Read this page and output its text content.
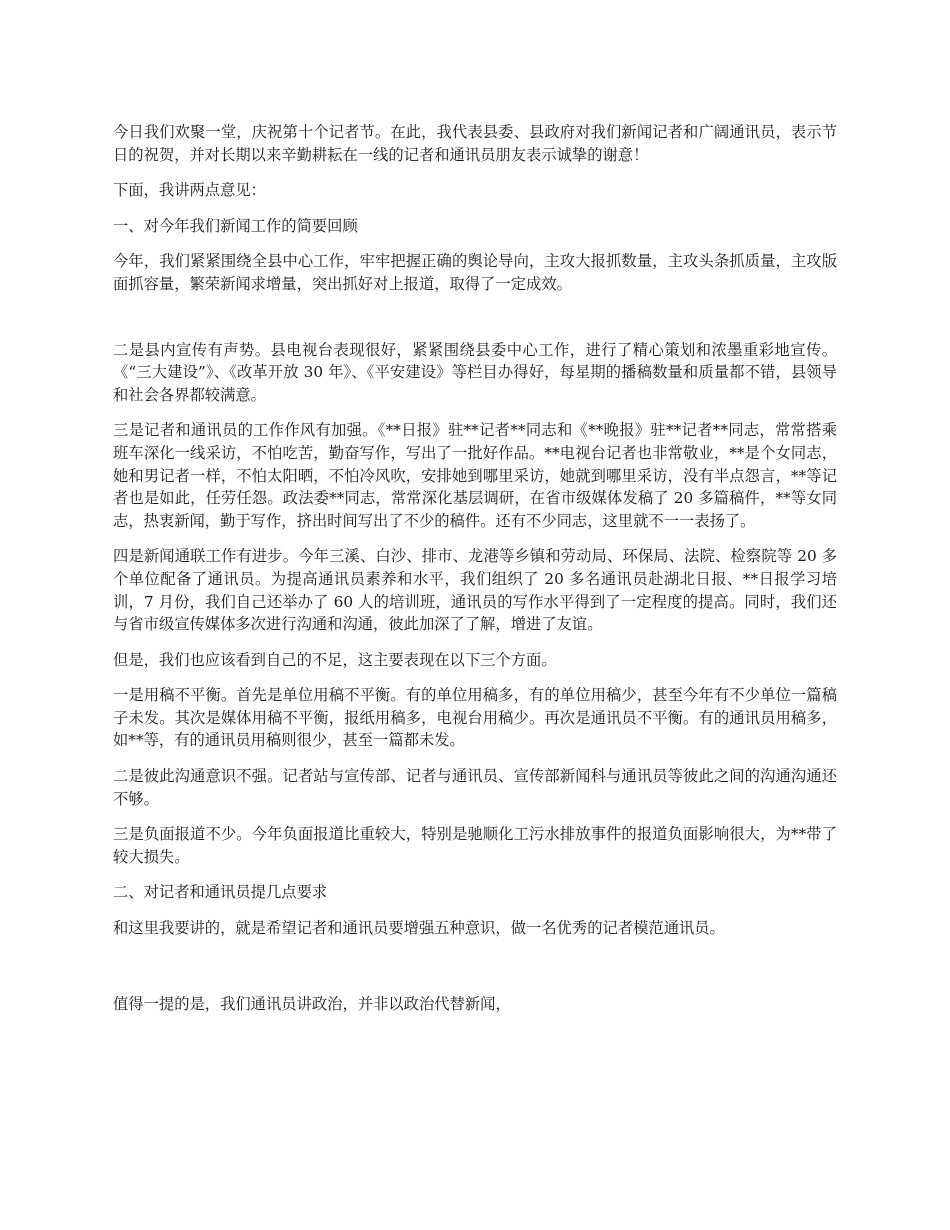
今日我们欢聚一堂，庆祝第十个记者节。在此，我代表县委、县政府对我们新闻记者和广阔通讯员，表示节日的祝贺，并对长期以来辛勤耕耘在一线的记者和通讯员朋友表示诚挚的谢意！

下面，我讲两点意见：

一、对今年我们新闻工作的简要回顾

今年，我们紧紧围绕全县中心工作，牢牢把握正确的舆论导向，主攻大报抓数量，主攻头条抓质量，主攻版面抓容量，繁荣新闻求增量，突出抓好对上报道，取得了一定成效。

二是县内宣传有声势。县电视台表现很好，紧紧围绕县委中心工作，进行了精心策划和浓墨重彩地宣传。《“三大建设”》、《改革开放 30 年》、《平安建设》等栏目办得好，每星期的播稿数量和质量都不错，县领导和社会各界都较满意。

三是记者和通讯员的工作作风有加强。《**日报》驻**记者**同志和《**晚报》驻**记者**同志，常常搭乘班车深化一线采访，不怕吃苦，勤奋写作，写出了一批好作品。**电视台记者也非常敬业，**是个女同志，她和男记者一样，不怕太阳晒，不怕冷风吹，安排她到哪里采访，她就到哪里采访，没有半点怨言，**等记者也是如此，任劳任怨。政法委**同志，常常深化基层调研，在省市级媒体发稿了 20 多篇稿件，**等女同志，热衷新闻，勤于写作，挤出时间写出了不少的稿件。还有不少同志，这里就不一一表扬了。

四是新闻通联工作有进步。今年三溪、白沙、排市、龙港等乡镇和劳动局、环保局、法院、检察院等 20 多个单位配备了通讯员。为提高通讯员素养和水平，我们组织了 20 多名通讯员赴湖北日报、**日报学习培训，7 月份，我们自己还举办了 60 人的培训班，通讯员的写作水平得到了一定程度的提高。同时，我们还与省市级宣传媒体多次进行沟通和沟通，彼此加深了了解，增进了友谊。

但是，我们也应该看到自己的不足，这主要表现在以下三个方面。

一是用稿不平衡。首先是单位用稿不平衡。有的单位用稿多，有的单位用稿少，甚至今年有不少单位一篇稿子未发。其次是媒体用稿不平衡，报纸用稿多，电视台用稿少。再次是通讯员不平衡。有的通讯员用稿多，如**等，有的通讯员用稿则很少，甚至一篇都未发。

二是彼此沟通意识不强。记者站与宣传部、记者与通讯员、宣传部新闻科与通讯员等彼此之间的沟通沟通还不够。

三是负面报道不少。今年负面报道比重较大，特别是驰顺化工污水排放事件的报道负面影响很大，为**带了较大损失。

二、对记者和通讯员提几点要求

和这里我要讲的，就是希望记者和通讯员要增强五种意识，做一名优秀的记者模范通讯员。

值得一提的是，我们通讯员讲政治，并非以政治代替新闻，
